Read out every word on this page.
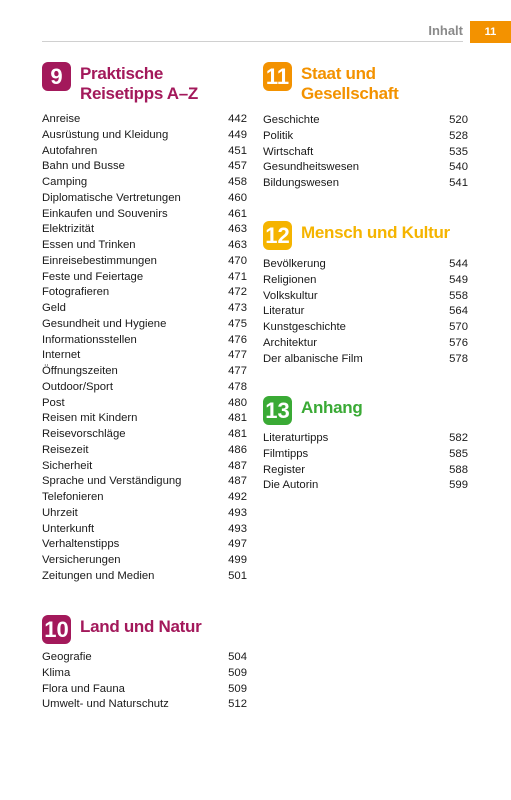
Inhalt	11
9	Praktische
Reisetipps A–Z
Anreise	442
Ausrüstung und Kleidung	449
Autofahren	451
Bahn und Busse	457
Camping	458
Diplomatische Vertretungen	460
Einkaufen und Souvenirs	461
Elektrizität	463
Essen und Trinken	463
Einreisebestimmungen	470
Feste und Feiertage	471
Fotografieren	472
Geld	473
Gesundheit und Hygiene	475
Informationsstellen	476
Internet	477
Öffnungszeiten	477
Outdoor/Sport	478
Post	480
Reisen mit Kindern	481
Reisevorschläge	481
Reisezeit	486
Sicherheit	487
Sprache und Verständigung	487
Telefonieren	492
Uhrzeit	493
Unterkunft	493
Verhaltenstipps	497
Versicherungen	499
Zeitungen und Medien	501
10 Land und Natur
Geografie	504
Klima	509
Flora und Fauna	509
Umwelt- und Naturschutz	512
11 Staat und Gesellschaft
Geschichte	520
Politik	528
Wirtschaft	535
Gesundheitswesen	540
Bildungswesen	541
12 Mensch und Kultur
Bevölkerung	544
Religionen	549
Volkskultur	558
Literatur	564
Kunstgeschichte	570
Architektur	576
Der albanische Film	578
13 Anhang
Literaturtipps	582
Filmtipps	585
Register	588
Die Autorin	599
